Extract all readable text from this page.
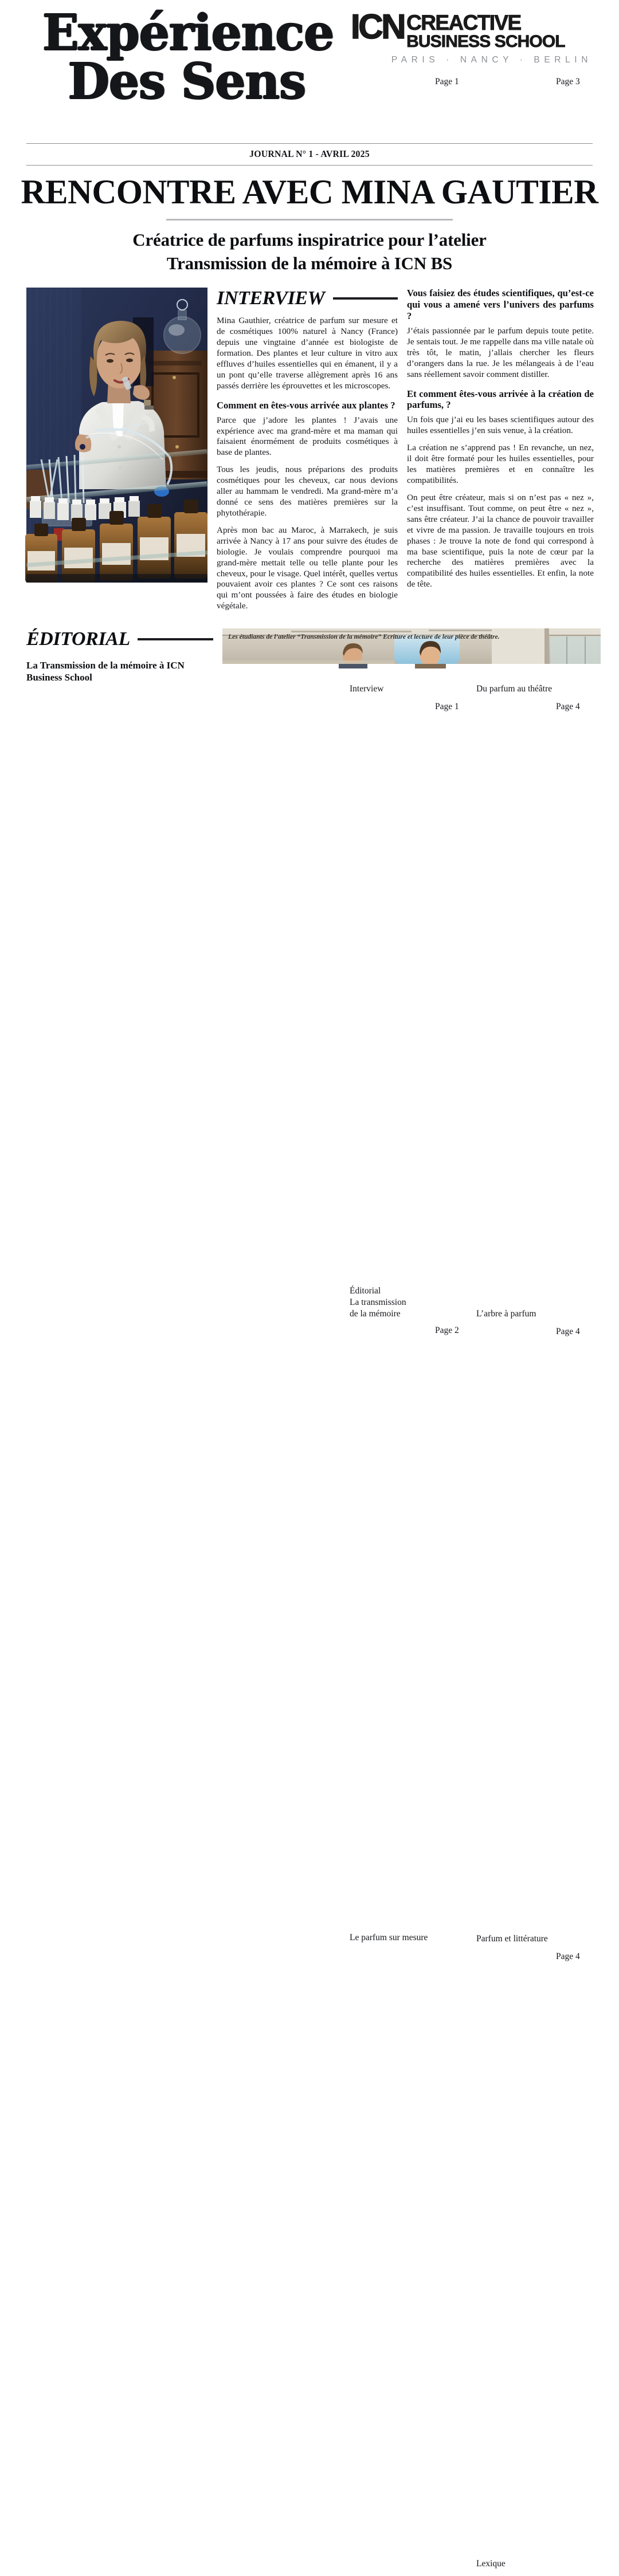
Expérience
Des Sens
ICN CREACTIVE
BUSINESS SCHOOL
PARIS · NANCY · BERLIN
Interview
Page 1
Éditorial
La transmission
de la mémoire
Page 1
Le parfum sur mesure
Page 2
Du parfum au théâtre
Page 3
L’arbre à parfum
Page 4
Parfum et littérature
Page 4
Lexique
Page 4
JOURNAL N° 1 - AVRIL 2025
RENCONTRE AVEC MINA GAUTIER
Créatrice de parfums inspiratrice pour l’atelier
Transmission de la mémoire à ICN BS
INTERVIEW

Mina Gauthier, créatrice de parfum sur mesure et de cosmétiques 100% naturel à Nancy (France) depuis une vingtaine d’année est biologiste de formation. Des plantes et leur culture in vitro aux effluves d’huiles essentielles qui en émanent, il y a un pont qu’elle traverse allègrement après 16 ans passés derrière les éprouvettes et les microscopes.

Comment en êtes-vous arrivée aux plantes ?

Parce que j’adore les plantes ! J’avais une expérience avec ma grand-mère et ma maman qui faisaient énormément de produits cosmétiques à base de plantes.

Tous les jeudis, nous préparions des produits cosmétiques pour les cheveux, car nous devions aller au hammam le vendredi. Ma grand-mère m’a donné ce sens des matières premières sur la phytothérapie.

Après mon bac au Maroc, à Marrakech, je suis arrivée à Nancy à 17 ans pour suivre des études de biologie. Je voulais comprendre pourquoi ma grand-mère mettait telle ou telle plante pour les cheveux, pour le visage. Quel intérêt, quelles vertus pouvaient avoir ces plantes ? Ce sont ces raisons qui m’ont poussées à faire des études en biologie végétale.

Vous faisiez des études scientifiques, qu’est-ce qui vous a amené vers l’univers des parfums ?

J’étais passionnée par le parfum depuis toute petite. Je sentais tout. Je me rappelle dans ma ville natale où très tôt, le matin, j’allais chercher les fleurs d’orangers dans la rue. Je les mélangeais à de l’eau sans réellement savoir comment distiller.

Et comment êtes-vous arrivée à la création de parfums, ?

Un fois que j’ai eu les bases scientifiques autour des huiles essentielles j’en suis venue, à la création.

La création ne s’apprend pas ! En revanche, un nez, il doit être formaté pour les huiles essentielles, pour les matières premières et en connaître les compatibilités.

On peut être créateur, mais si on n’est pas « nez », c’est insuffisant. Tout comme, on peut être « nez », sans être créateur. J’ai la chance de pouvoir travailler et vivre de ma passion. Je travaille toujours en trois phases : Je trouve la note de fond qui correspond à ma base scientifique, puis la note de cœur par la recherche des matières premières avec la compatibilité des huiles essentielles. Et enfin, la note de tête.

ÉDITORIAL
La Transmission de la mémoire à ICN Business School
Les étudiants de l’atelier “Transmission de la mémoire” Ecriture et lecture de leur pièce de théâtre.
